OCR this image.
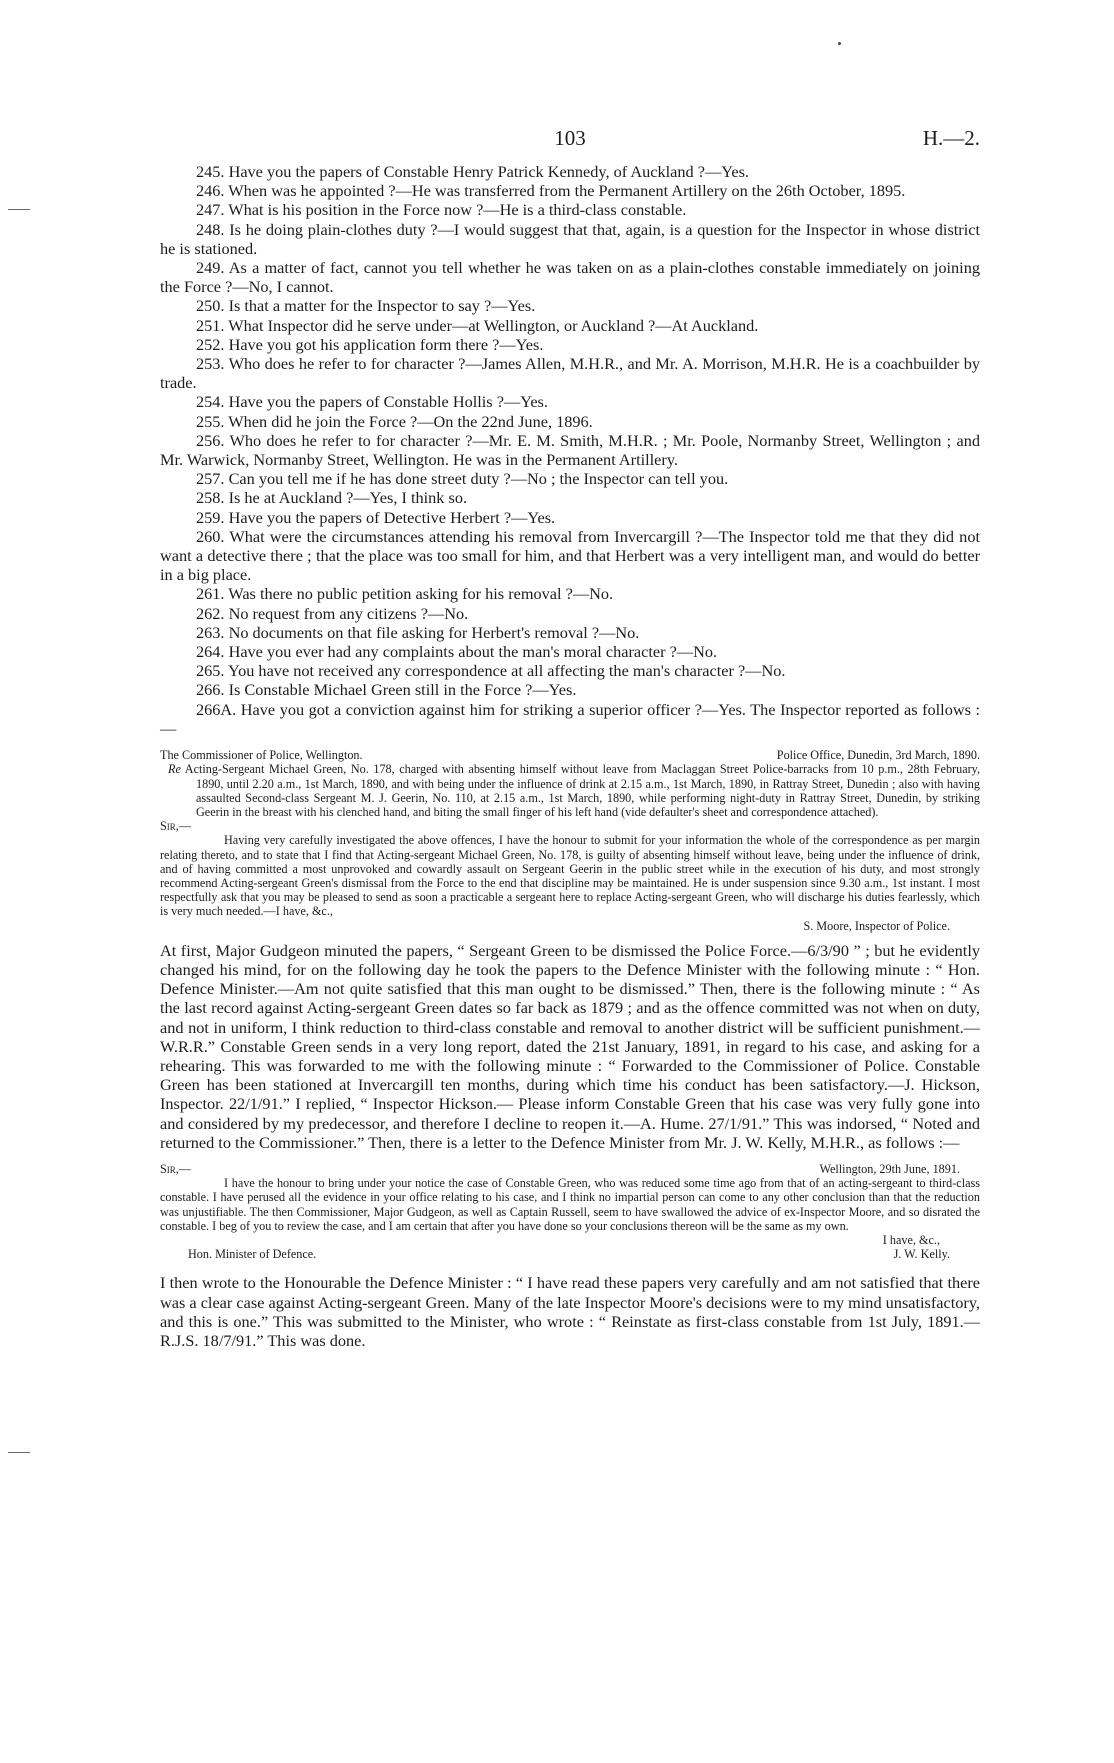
103	H.—2.

245. Have you the papers of Constable Henry Patrick Kennedy, of Auckland ?—Yes.

246. When was he appointed ?—He was transferred from the Permanent Artillery on the 26th October, 1895.

247. What is his position in the Force now ?—He is a third-class constable.

248. Is he doing plain-clothes duty ?—I would suggest that that, again, is a question for the Inspector in whose district he is stationed.

249. As a matter of fact, cannot you tell whether he was taken on as a plain-clothes constable immediately on joining the Force ?—No, I cannot.

250. Is that a matter for the Inspector to say ?—Yes.

251. What Inspector did he serve under—at Wellington, or Auckland ?—At Auckland.

252. Have you got his application form there ?—Yes.

253. Who does he refer to for character ?—James Allen, M.H.R., and Mr. A. Morrison, M.H.R. He is a coachbuilder by trade.

254. Have you the papers of Constable Hollis ?—Yes.

255. When did he join the Force ?—On the 22nd June, 1896.

256. Who does he refer to for character ?—Mr. E. M. Smith, M.H.R. ; Mr. Poole, Normanby Street, Wellington ; and Mr. Warwick, Normanby Street, Wellington. He was in the Permanent Artillery.

257. Can you tell me if he has done street duty ?—No ; the Inspector can tell you.

258. Is he at Auckland ?—Yes, I think so.

259. Have you the papers of Detective Herbert ?—Yes.

260. What were the circumstances attending his removal from Invercargill ?—The Inspector told me that they did not want a detective there ; that the place was too small for him, and that Herbert was a very intelligent man, and would do better in a big place.

261. Was there no public petition asking for his removal ?—No.

262. No request from any citizens ?—No.

263. No documents on that file asking for Herbert's removal ?—No.

264. Have you ever had any complaints about the man's moral character ?—No.

265. You have not received any correspondence at all affecting the man's character ?—No.

266. Is Constable Michael Green still in the Force ?—Yes.

266A. Have you got a conviction against him for striking a superior officer ?—Yes. The Inspector reported as follows :—

The Commissioner of Police, Wellington.	Police Office, Dunedin, 3rd March, 1890.

Re Acting-Sergeant Michael Green, No. 178, charged with absenting himself without leave from Maclaggan Street Police-barracks from 10 p.m., 28th February, 1890, until 2.20 a.m., 1st March, 1890, and with being under the influence of drink at 2.15 a.m., 1st March, 1890, in Rattray Street, Dunedin ; also with having assaulted Second-class Sergeant M. J. Geerin, No. 110, at 2.15 a.m., 1st March, 1890, while performing night-duty in Rattray Street, Dunedin, by striking Geerin in the breast with his clenched hand, and biting the small finger of his left hand (vide defaulter's sheet and correspondence attached).

Sir,—

Having very carefully investigated the above offences, I have the honour to submit for your information the whole of the correspondence as per margin relating thereto, and to state that I find that Acting-sergeant Michael Green, No. 178, is guilty of absenting himself without leave, being under the influence of drink, and of having committed a most unprovoked and cowardly assault on Sergeant Geerin in the public street while in the execution of his duty, and most strongly recommend Acting-sergeant Green's dismissal from the Force to the end that discipline may be maintained. He is under suspension since 9.30 a.m., 1st instant. I most respectfully ask that you may be pleased to send as soon a practicable a sergeant here to replace Acting-sergeant Green, who will discharge his duties fearlessly, which is very much needed.—I have, &c.,

S. Moore, Inspector of Police.

At first, Major Gudgeon minuted the papers, “ Sergeant Green to be dismissed the Police Force.—6/3/90 ” ; but he evidently changed his mind, for on the following day he took the papers to the Defence Minister with the following minute : “ Hon. Defence Minister.—Am not quite satisfied that this man ought to be dismissed.” Then, there is the following minute : “ As the last record against Acting-sergeant Green dates so far back as 1879 ; and as the offence committed was not when on duty, and not in uniform, I think reduction to third-class constable and removal to another district will be sufficient punishment.—W.R.R.” Constable Green sends in a very long report, dated the 21st January, 1891, in regard to his case, and asking for a rehearing. This was forwarded to me with the following minute : “ Forwarded to the Commissioner of Police. Constable Green has been stationed at Invercargill ten months, during which time his conduct has been satisfactory.—J. Hickson, Inspector. 22/1/91.” I replied, “ Inspector Hickson.— Please inform Constable Green that his case was very fully gone into and considered by my predecessor, and therefore I decline to reopen it.—A. Hume. 27/1/91.” This was indorsed, “ Noted and returned to the Commissioner.” Then, there is a letter to the Defence Minister from Mr. J. W. Kelly, M.H.R., as follows :—

Sir,—	Wellington, 29th June, 1891.

I have the honour to bring under your notice the case of Constable Green, who was reduced some time ago from that of an acting-sergeant to third-class constable. I have perused all the evidence in your office relating to his case, and I think no impartial person can come to any other conclusion than that the reduction was unjustifiable. The then Commissioner, Major Gudgeon, as well as Captain Russell, seem to have swallowed the advice of ex-Inspector Moore, and so disrated the constable. I beg of you to review the case, and I am certain that after you have done so your conclusions thereon will be the same as my own.

I have, &c.,

Hon. Minister of Defence.	J. W. Kelly.

I then wrote to the Honourable the Defence Minister : “ I have read these papers very carefully and am not satisfied that there was a clear case against Acting-sergeant Green. Many of the late Inspector Moore's decisions were to my mind unsatisfactory, and this is one.” This was submitted to the Minister, who wrote : “ Reinstate as first-class constable from 1st July, 1891.—R.J.S. 18/7/91.” This was done.
